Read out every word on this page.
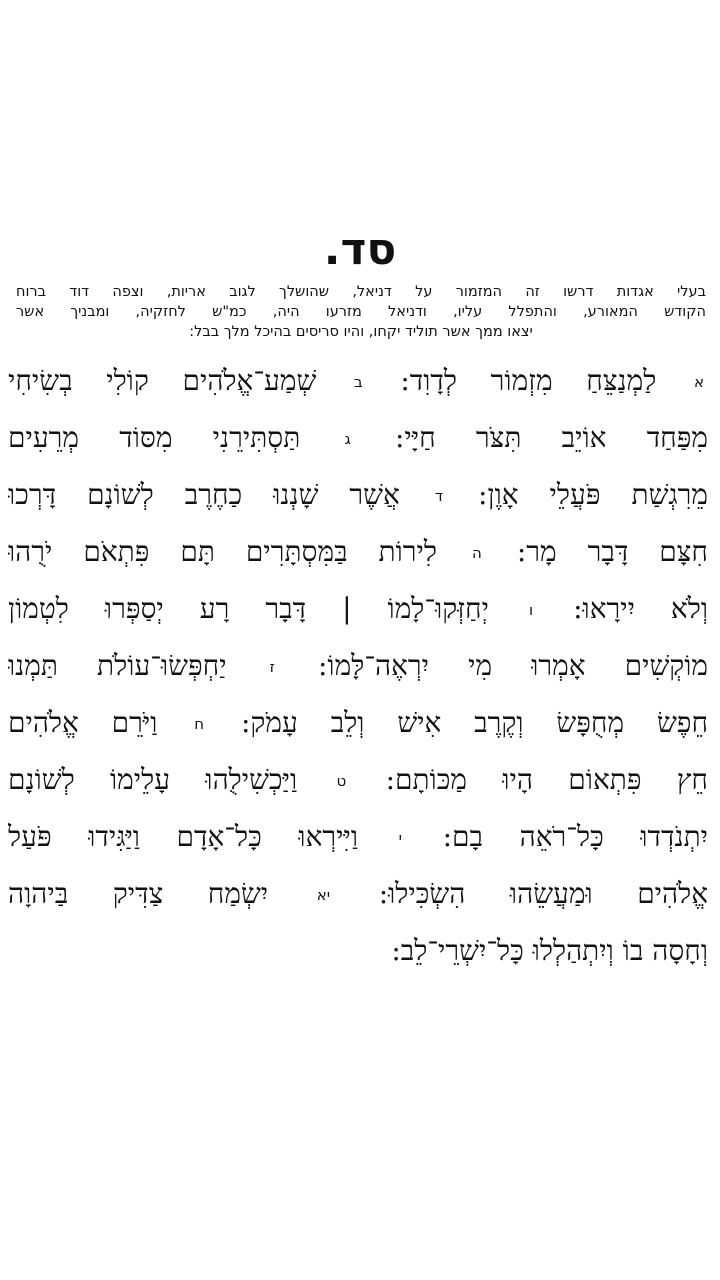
סד.
בעלי אגדות דרשו זה המזמור על דניאל, שהושלך לגוב אריות, וצפה דוד ברוח
הקודש המאורע, והתפלל עליו, ודניאל מזרעו היה, כמ"ש לחזקיה, ומבניך אשר
יצאו ממך אשר תוליד יקחו, והיו סריסים בהיכל מלך בבל:
א לַמְנַצֵּחַ מִזְמוֹר לְדָוִד: ב שְׁמַע־אֱלֹהִים קוֹלִי בְשִׂיחִי
מִפַּחַד אוֹיֵב תִּצֹּר חַיָּי: ג תַּסְתִּירֵנִי מִסּוֹד מְרֵעִים
מֵרִגְשַׁת פֹּעֲלֵי אָוֶן: ד אֲשֶׁר שָׁנְנוּ כַחֶרֶב לְשׁוֹנָם דָּרְכוּ
חִצָּם דָּבָר מָר: ה לִירוֹת בַּמִּסְתָּרִים תָּם פִּתְאֹם יֹרֻהוּ
וְלֹא יִירָאוּ: ו יְחַזְּקוּ־לָמוֹ | דָּבָר רָע יְסַפְּרוּ לִטְמוֹן
מוֹקְשִׁים אָמְרוּ מִי יִרְאֶה־לָּמוֹ: ז יַחְפְּשׂוּ־עוֹלֹת תַּמְנוּ
חֵפֶשׂ מְחֻפָּשׂ וְקֶרֶב אִישׁ וְלֵב עָמֹק: ח וַיֹּרֵם אֱלֹהִים
חֵץ פִּתְאוֹם הָיוּ מַכּוֹתָם: ט וַיַּכְשִׁילֻהוּ עָלֵימוֹ לְשׁוֹנָם
יִתְנֹדְדוּ כָּל־רֹאֵה בָם: י וַיִּירְאוּ כָּל־אָדָם וַיַּגִּידוּ פֹּעַל
אֱלֹהִים וּמַעֲשֵׂהוּ הִשְׂכִּילוּ: יא יִשְׂמַח צַדִּיק בַּיהוָה
וְחָסָה בוֹ וְיִתְהַלְלוּ כָּל־יִשְׁרֵי־לֵב:
